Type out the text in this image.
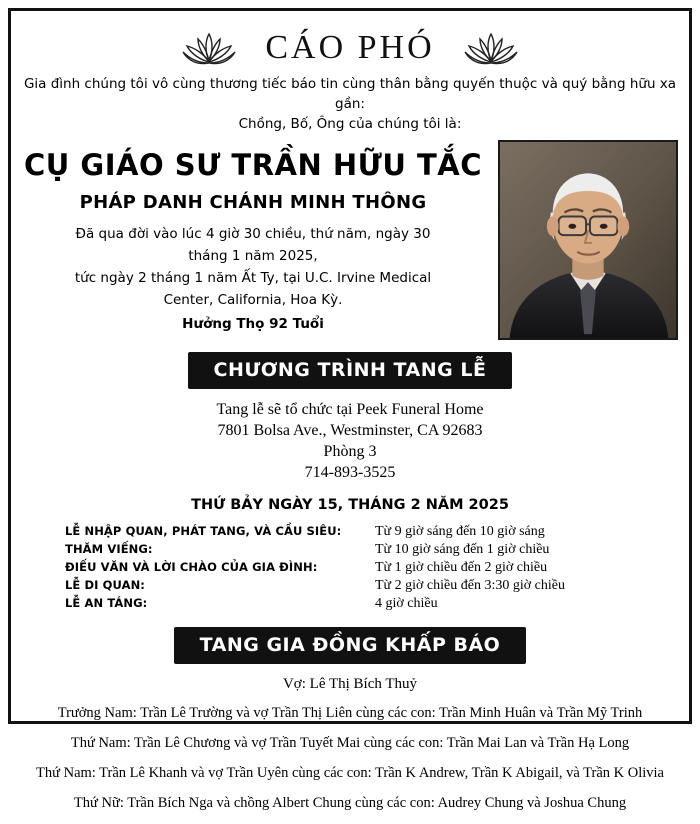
CÁO PHÓ
Gia đình chúng tôi vô cùng thương tiếc báo tin cùng thân bằng quyến thuộc và quý bằng hữu xa gần:
Chồng, Bố, Ông của chúng tôi là:
CỤ GIÁO SƯ TRẦN HỮU TẮC
PHÁP DANH CHÁNH MINH THÔNG
Đã qua đời vào lúc 4 giờ 30 chiều, thứ năm, ngày 30
tháng 1 năm 2025,
tức ngày 2 tháng 1 năm Ất Ty, tại U.C. Irvine Medical
Center, California, Hoa Kỳ.
Hưởng Thọ 92 Tuổi
CHƯƠNG TRÌNH TANG LỄ
Tang lễ sẽ tổ chức tại Peek Funeral Home
7801 Bolsa Ave., Westminster, CA 92683
Phòng 3
714-893-3525
THỨ BẢY NGÀY 15, THÁNG 2 NĂM 2025
LỄ NHẬP QUAN, PHÁT TANG, VÀ CẦU SIÊU:	Từ 9 giờ sáng đến 10 giờ sáng
THĂM VIẾNG:	Từ 10 giờ sáng đến 1 giờ chiều
ĐIẾU VĂN VÀ LỜI CHÀO CỦA GIA ĐÌNH:	Từ 1 giờ chiều đến 2 giờ chiều
LỄ DI QUAN:	Từ 2 giờ chiều đến 3:30 giờ chiều
LỄ AN TÁNG:	4 giờ chiều
TANG GIA ĐỒNG KHẤP BÁO
Vợ: Lê Thị Bích Thuỷ
Trưởng Nam: Trần Lê Trường và vợ Trần Thị Liên cùng các con: Trần Minh Huân và Trần Mỹ Trinh
Thứ Nam: Trần Lê Chương và vợ Trần Tuyết Mai cùng các con: Trần Mai Lan và Trần Hạ Long
Thứ Nam: Trần Lê Khanh và vợ Trần Uyên cùng các con: Trần K Andrew, Trần K Abigail, và Trần K Olivia
Thứ Nữ: Trần Bích Nga và chồng Albert Chung cùng các con: Audrey Chung và Joshua Chung
